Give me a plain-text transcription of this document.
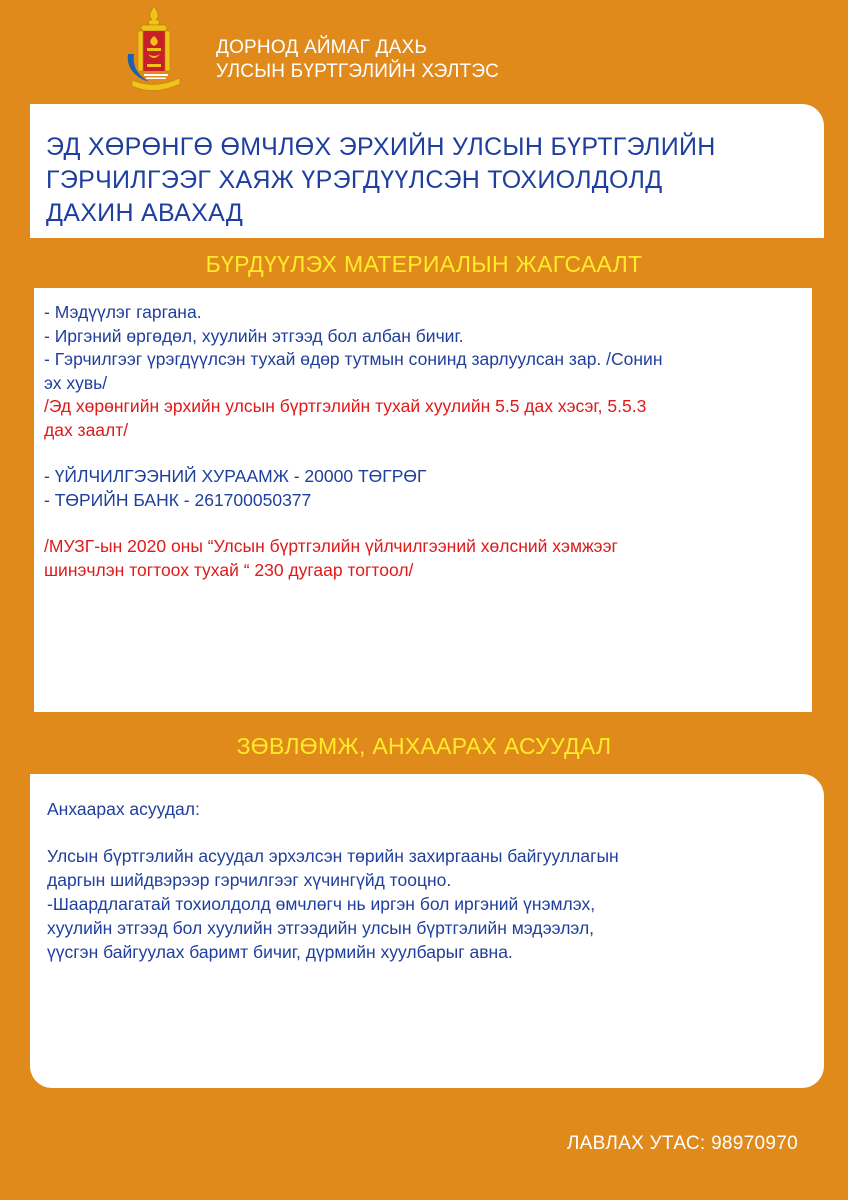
ДОРНОД АЙМАГ ДАХЬ
УЛСЫН БҮРТГЭЛИЙН ХЭЛТЭС
ЭД ХӨРӨНГӨ ӨМЧЛӨХ ЭРХИЙН УЛСЫН БҮРТГЭЛИЙН
ГЭРЧИЛГЭЭГ ХАЯЖ ҮРЭГДҮҮЛСЭН ТОХИОЛДОЛД
ДАХИН АВАХАД
БҮРДҮҮЛЭХ МАТЕРИАЛЫН ЖАГСААЛТ
- Мэдүүлэг гаргана.
- Иргэний өргөдөл, хуулийн этгээд бол албан бичиг.
- Гэрчилгээг үрэгдүүлсэн тухай өдөр тутмын сонинд зарлуулсан зар. /Сонин
эх хувь/
/Эд хөрөнгийн эрхийн улсын бүртгэлийн тухай хуулийн 5.5 дах хэсэг, 5.5.3
дах заалт/
- ҮЙЛЧИЛГЭЭНИЙ ХУРААМЖ - 20000 ТӨГРӨГ
- ТӨРИЙН БАНК - 261700050377
/МУЗГ-ын 2020 оны “Улсын бүртгэлийн үйлчилгээний хөлсний хэмжээг
шинэчлэн тогтоох тухай “ 230 дугаар тогтоол/
ЗӨВЛӨМЖ, АНХААРАХ АСУУДАЛ
Анхаарах асуудал:
Улсын бүртгэлийн асуудал эрхэлсэн төрийн захиргааны байгууллагын
даргын шийдвэрээр гэрчилгээг хүчингүйд тооцно.
-Шаардлагатай тохиолдолд өмчлөгч нь иргэн бол иргэний үнэмлэх,
хуулийн этгээд бол хуулийн этгээдийн улсын бүртгэлийн мэдээлэл,
үүсгэн байгуулах баримт бичиг, дүрмийн хуулбарыг авна.
ЛАВЛАХ УТАС: 98970970
